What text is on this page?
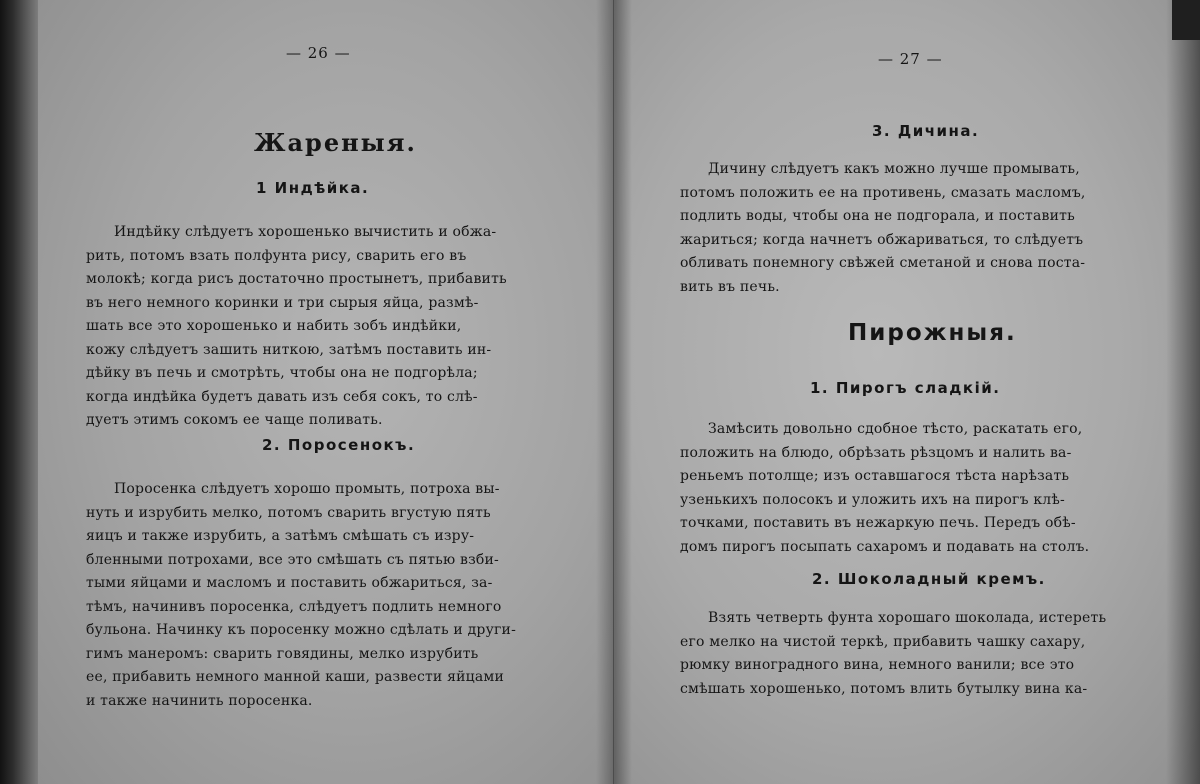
— 26 —
Жареныя.
1 Индѣйка.
Индѣйку слѣдуетъ хорошенько вычистить и обжа-
рить, потомъ взать полфунта рису, сварить его въ
молокѣ; когда рисъ достаточно простынетъ, прибавить
въ него немного коринки и три сырыя яйца, размѣ-
шать все это хорошенько и набить зобъ индѣйки,
кожу слѣдуетъ зашить ниткою, затѣмъ поставить ин-
дѣйку въ печь и смотрѣть, чтобы она не подгорѣла;
когда индѣйка будетъ давать изъ себя сокъ, то слѣ-
дуетъ этимъ сокомъ ее чаще поливать.
2. Поросенокъ.
Поросенка слѣдуетъ хорошо промыть, потроха вы-
нуть и изрубить мелко, потомъ сварить вгустую пять
яицъ и также изрубить, а затѣмъ смѣшать съ изру-
бленными потрохами, все это смѣшать съ пятью взби-
тыми яйцами и масломъ и поставить обжариться, за-
тѣмъ, начинивъ поросенка, слѣдуетъ подлить немного
бульона. Начинку къ поросенку можно сдѣлать и други-
гимъ манеромъ: сварить говядины, мелко изрубить
ее, прибавить немного манной каши, развести яйцами
и также начинить поросенка.
— 27 —
3. Дичина.
Дичину слѣдуетъ какъ можно лучше промывать,
потомъ положить ее на противень, смазать масломъ,
подлить воды, чтобы она не подгорала, и поставить
жариться; когда начнетъ обжариваться, то слѣдуетъ
обливать понемногу свѣжей сметаной и снова поста-
вить въ печь.
Пирожныя.
1. Пирогъ сладкій.
Замѣсить довольно сдобное тѣсто, раскатать его,
положить на блюдо, обрѣзать рѣзцомъ и налить ва-
реньемъ потолще; изъ оставшагося тѣста нарѣзать
узенькихъ полосокъ и уложить ихъ на пирогъ клѣ-
точками, поставить въ нежаркую печь. Передъ обѣ-
домъ пирогъ посыпать сахаромъ и подавать на столъ.
2. Шоколадный кремъ.
Взять четверть фунта хорошаго шоколада, истереть
его мелко на чистой теркѣ, прибавить чашку сахару,
рюмку виноградного вина, немного ванили; все это
смѣшать хорошенько, потомъ влить бутылку вина ка-
